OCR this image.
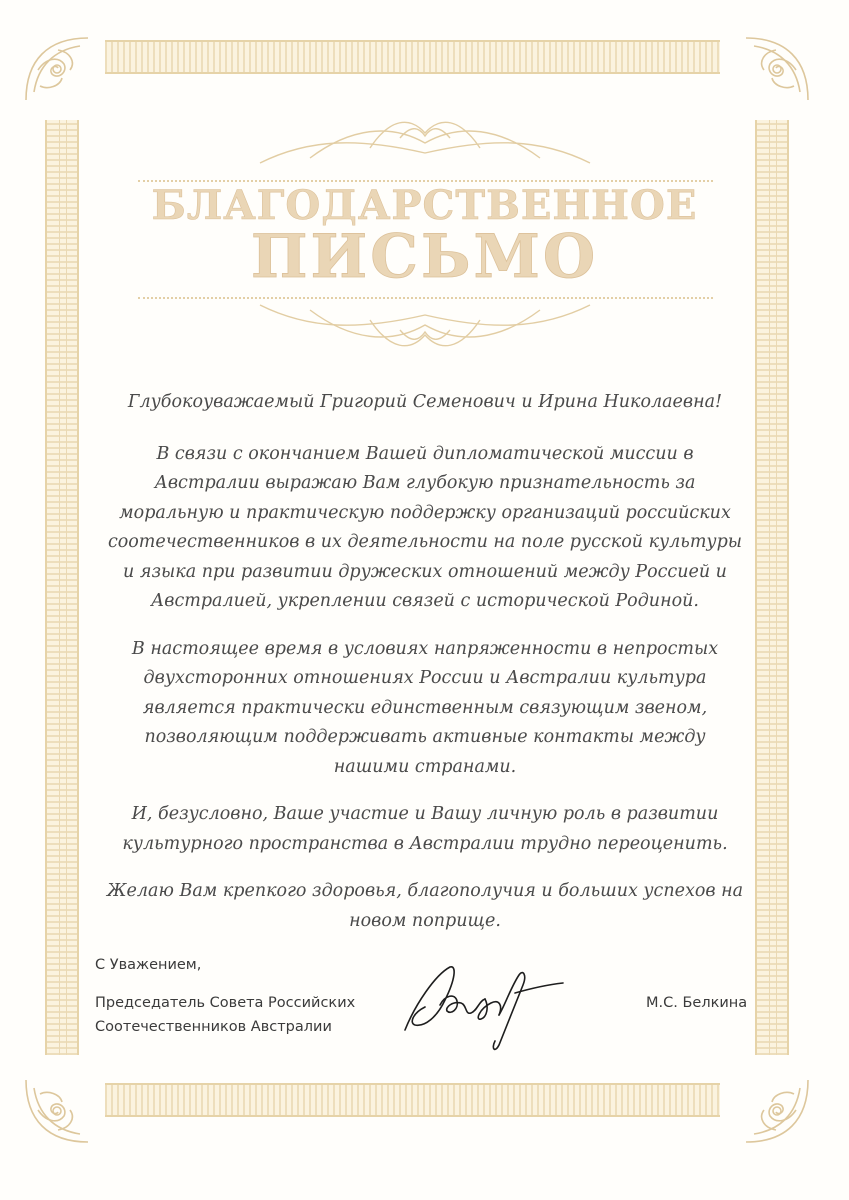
БЛАГОДАРСТВЕННОЕ
ПИСЬМО

Глубокоуважаемый Григорий Семенович и Ирина Николаевна!

В связи с окончанием Вашей дипломатической миссии в Австралии выражаю Вам глубокую признательность за моральную и практическую поддержку организаций российских соотечественников в их деятельности на поле русской культуры и языка при развитии дружеских отношений между Россией и Австралией, укреплении связей с исторической Родиной.

В настоящее время в условиях напряженности в непростых двухсторонних отношениях России и Австралии культура является практически единственным связующим звеном, позволяющим поддерживать активные контакты между нашими странами.

И, безусловно, Ваше участие и Вашу личную роль в развитии культурного пространства в Австралии трудно переоценить.

Желаю Вам крепкого здоровья, благополучия и больших успехов на новом поприще.

С Уважением,
Председатель Совета Российских
Соотечественников Австралии
М.С. Белкина
